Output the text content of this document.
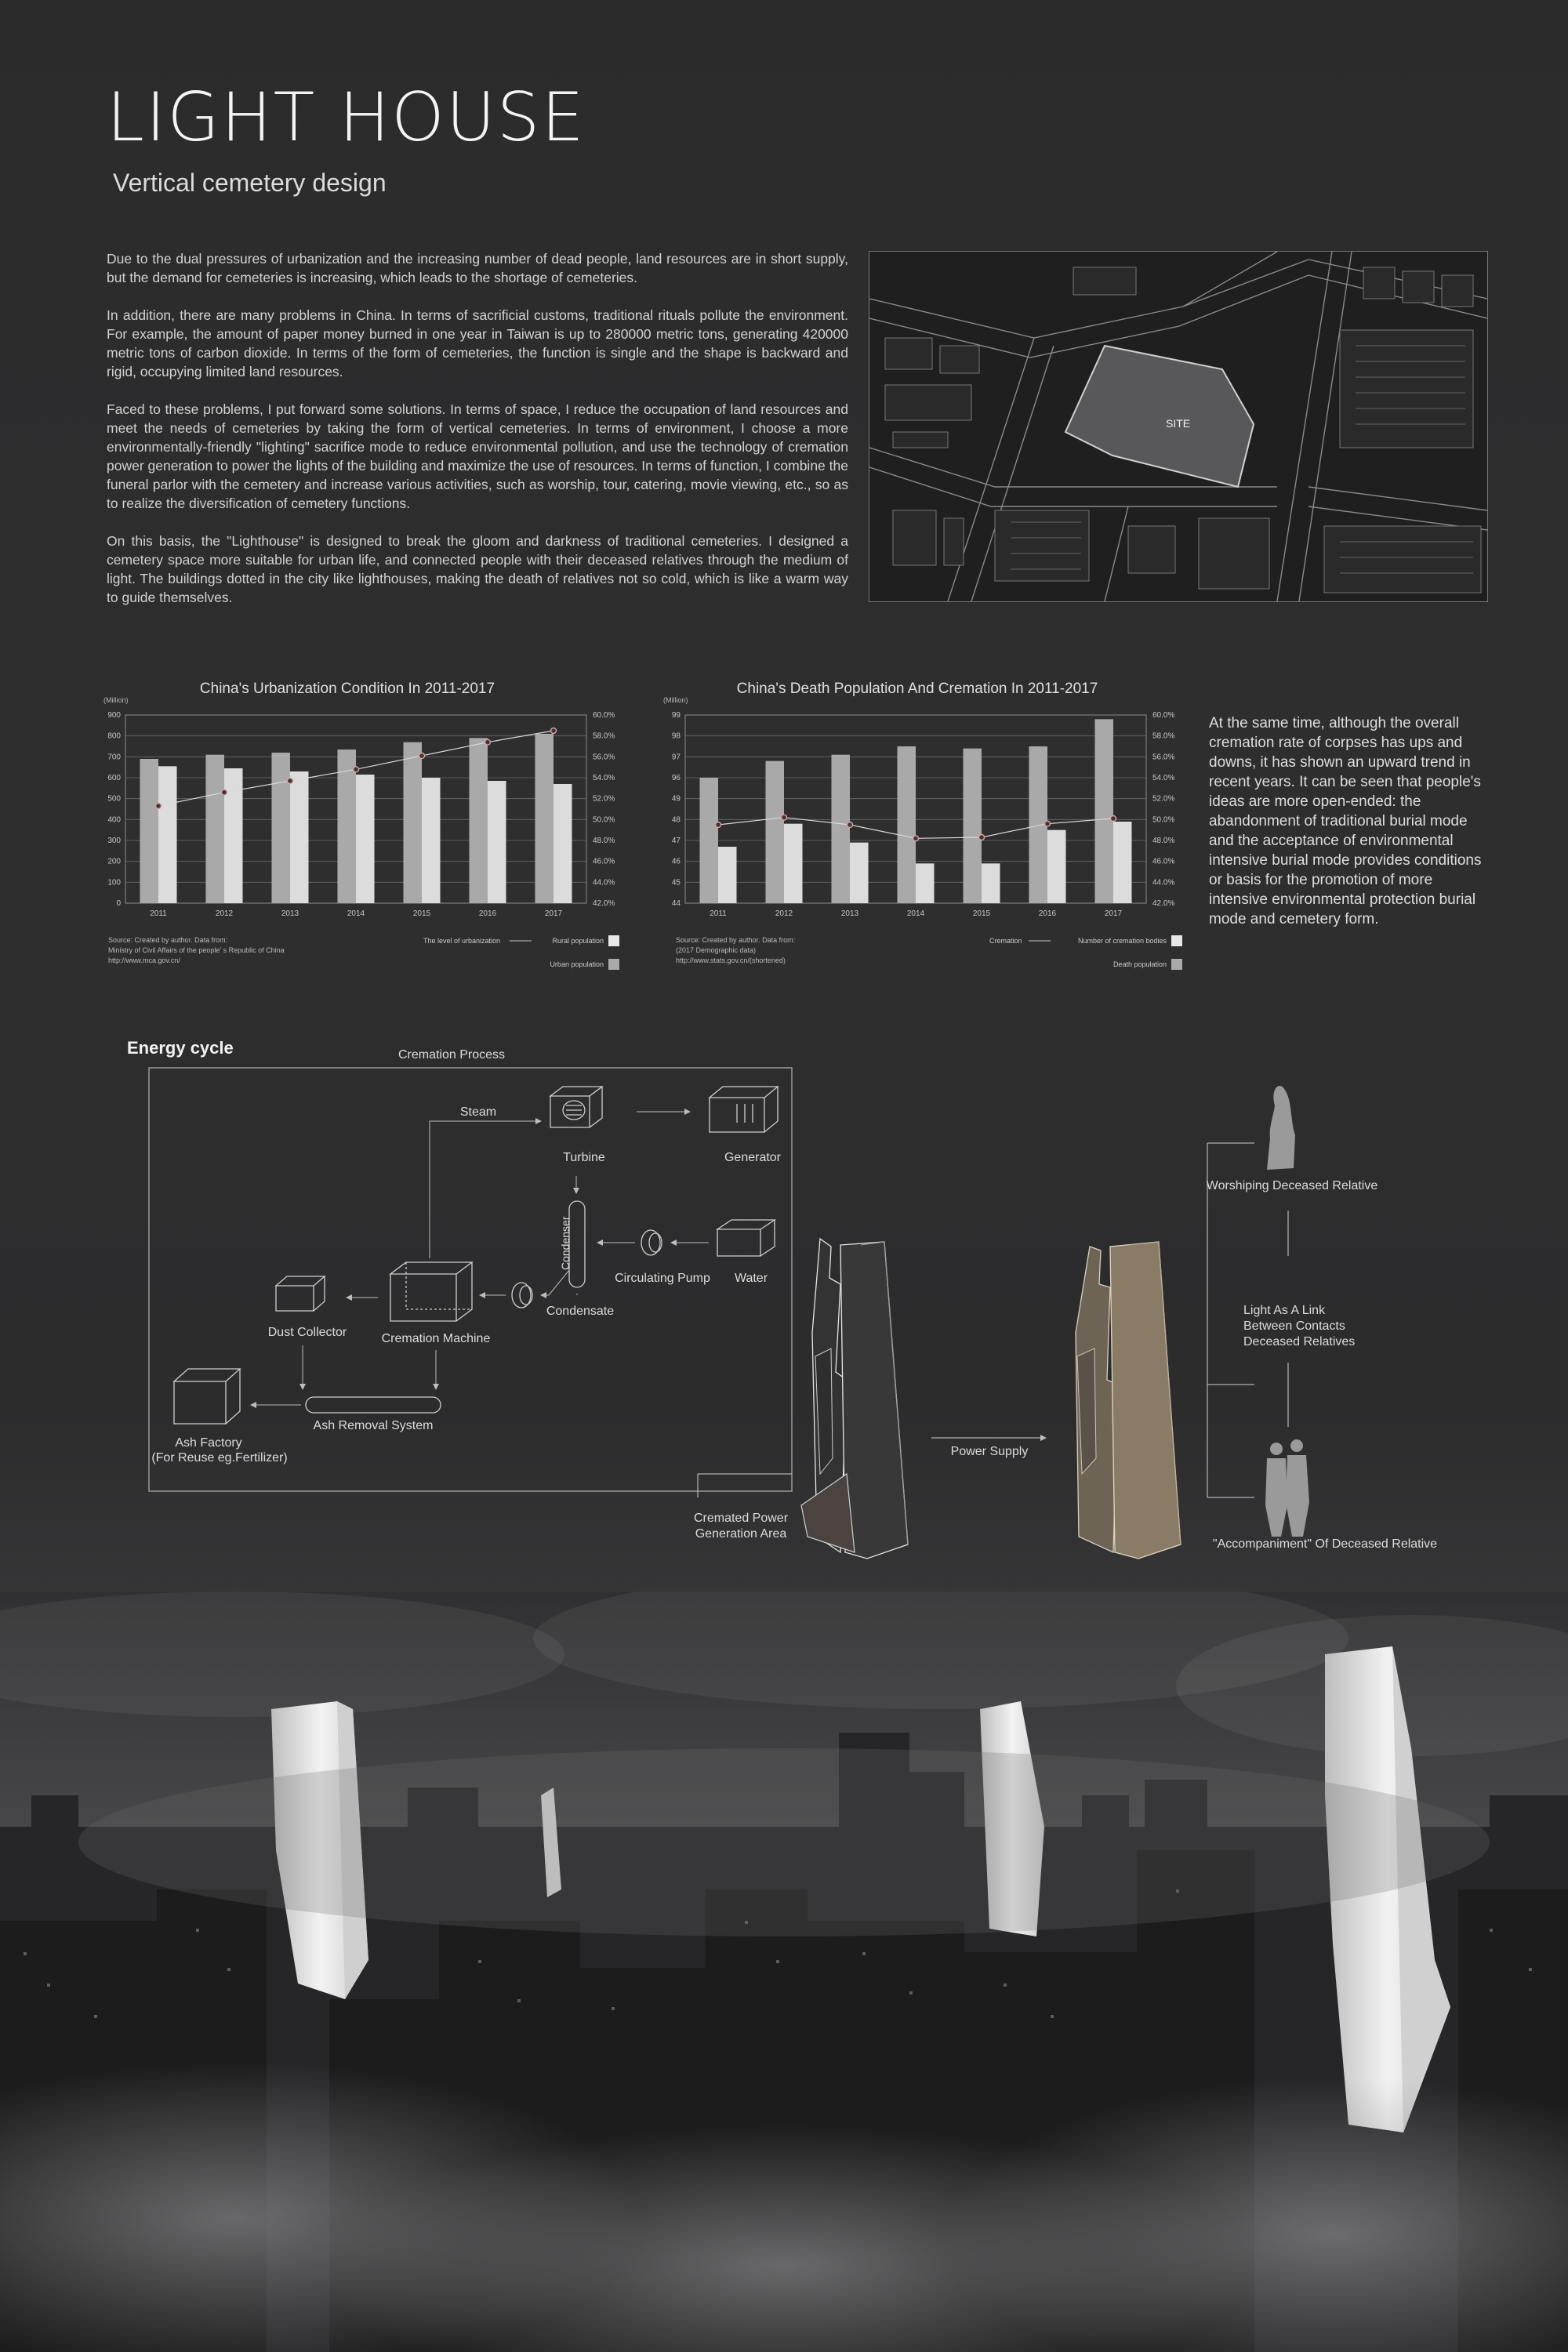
LIGHT HOUSE
Vertical cemetery design

Due to the dual pressures of urbanization and the increasing number of dead people, land resources are in short supply, but the demand for cemeteries is increasing, which leads to the shortage of cemeteries.

In addition, there are many problems in China. In terms of sacrificial customs, traditional rituals pollute the environment. For example, the amount of paper money burned in one year in Taiwan is up to 280000 metric tons, generating 420000 metric tons of carbon dioxide. In terms of the form of cemeteries, the function is single and the shape is backward and rigid, occupying limited land resources.

Faced to these problems, I put forward some solutions. In terms of space, I reduce the occupation of land resources and meet the needs of cemeteries by taking the form of vertical cemeteries. In terms of environment, I choose a more environmentally-friendly "lighting" sacrifice mode to reduce environmental pollution, and use the technology of cremation power generation to power the lights of the building and maximize the use of resources. In terms of function, I combine the funeral parlor with the cemetery and increase various activities, such as worship, tour, catering, movie viewing, etc., so as to realize the diversification of cemetery functions.

On this basis, the "Lighthouse" is designed to break the gloom and darkness of traditional cemeteries. I designed a cemetery space more suitable for urban life, and connected people with their deceased relatives through the medium of light. The buildings dotted in the city like lighthouses, making the death of relatives not so cold, which is like a warm way to guide themselves.

SITE
China's Urbanization Condition In 2011-2017
(Million)
0	42.0%
100	44.0%
200	46.0%
300	48.0%
400	50.0%
500	52.0%
600	54.0%
700	56.0%
800	58.0%
900	60.0%
2011	2012	2013	2014	2015	2016	2017
Source: Created by author. Data from:
Ministry of Civil Affairs of the people' s Republic of China
http://www.mca.gov.cn/
The level of urbanization	Rural population
Urban population
China's Death Population And Cremation In 2011-2017
(Million)
44	42.0%
45	44.0%
46	46.0%
47	48.0%
48	50.0%
49	52.0%
96	54.0%
97	56.0%
98	58.0%
99	60.0%
2011	2012	2013	2014	2015	2016	2017
Source: Created by author. Data from:
(2017 Demographic data)
http://www.stats.gov.cn/(shortened)
Cremation	Number of cremation bodies
Death population
At the same time, although the overall cremation rate of corpses has ups and downs, it has shown an upward trend in recent years. It can be seen that people's ideas are more open-ended: the abandonment of traditional burial mode and the acceptance of environmental intensive burial mode provides conditions or basis for the promotion of more intensive environmental protection burial mode and cemetery form.
Energy cycle	Cremation Process
Turbine	Generator
Steam
Condenser
Circulating Pump Water
Condensate
Cremation Machine
Dust Collector
Ash Removal System
Ash Factory
(For Reuse eg.Fertilizer)
Cremated Power
Generation Area
Power Supply
Worshiping Deceased Relative
Light As A Link
Between Contacts
Deceased Relatives
"Accompaniment" Of Deceased Relative
